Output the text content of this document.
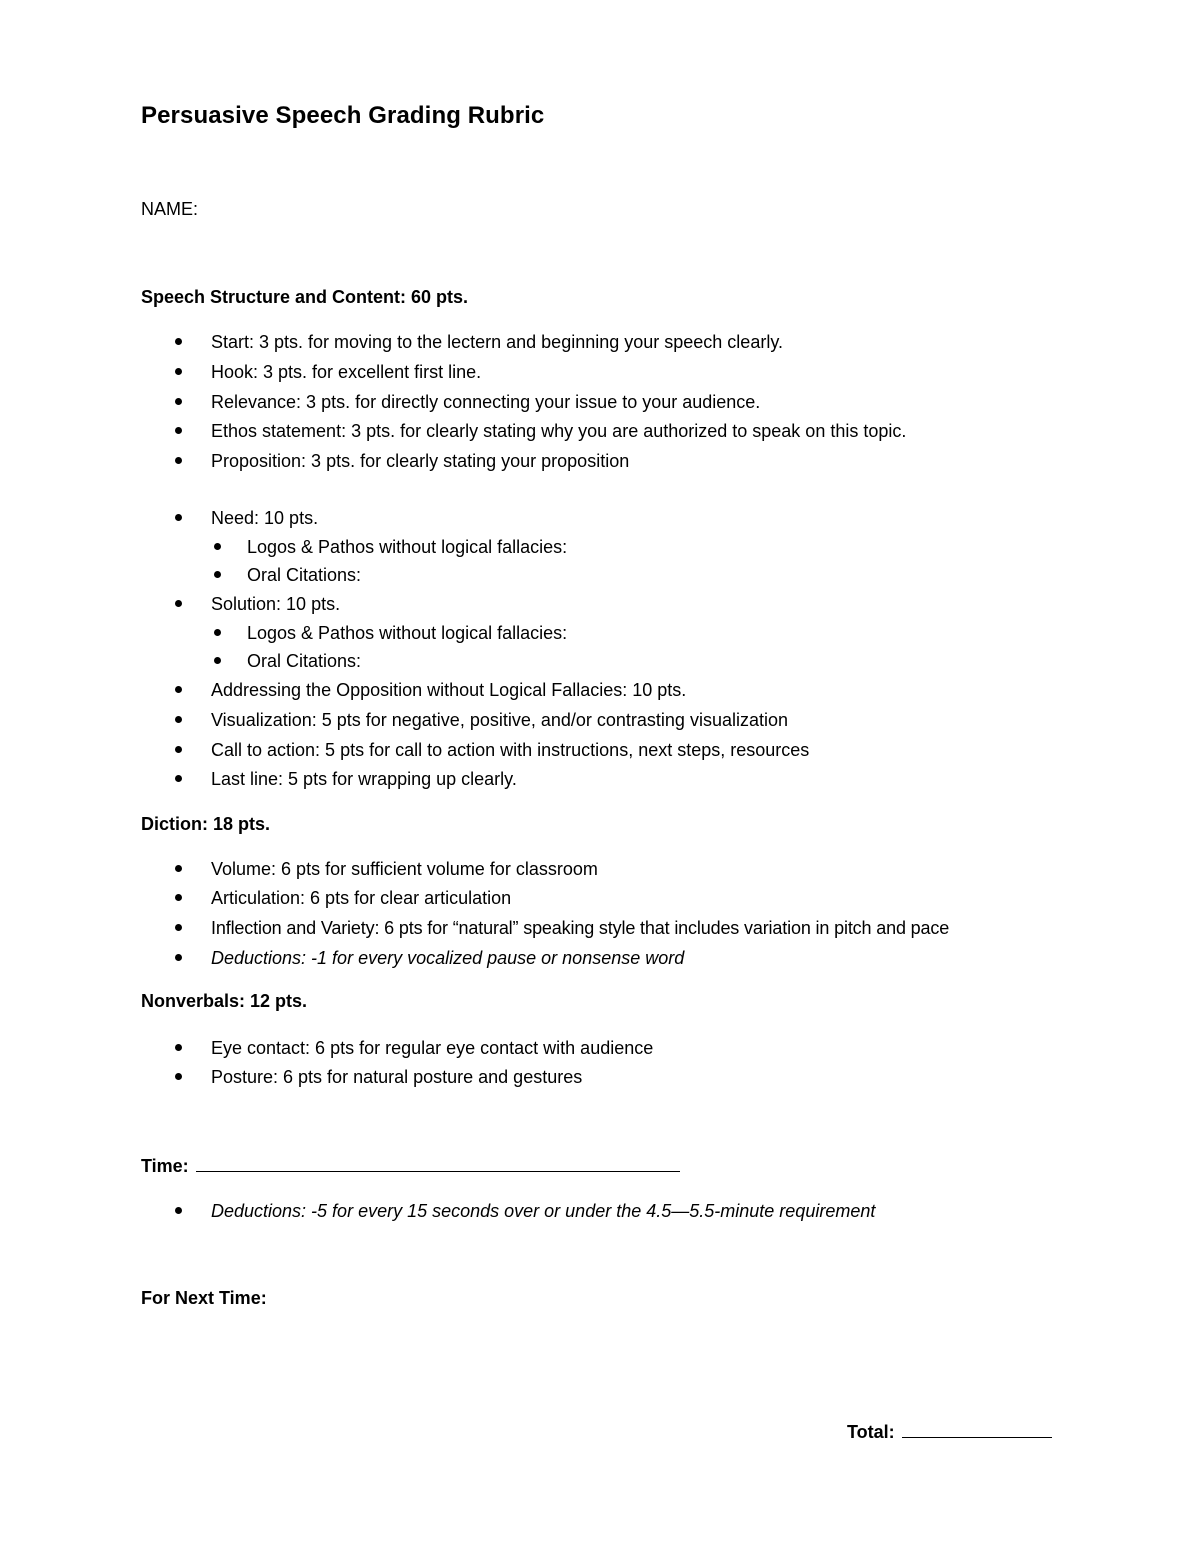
Persuasive Speech Grading Rubric
NAME:
Speech Structure and Content: 60 pts.
Start: 3 pts. for moving to the lectern and beginning your speech clearly.
Hook: 3 pts. for excellent first line.
Relevance: 3 pts. for directly connecting your issue to your audience.
Ethos statement: 3 pts. for clearly stating why you are authorized to speak on this topic.
Proposition: 3 pts. for clearly stating your proposition
Need: 10 pts.
Logos & Pathos without logical fallacies:
Oral Citations:
Solution: 10 pts.
Logos & Pathos without logical fallacies:
Oral Citations:
Addressing the Opposition without Logical Fallacies: 10 pts.
Visualization: 5 pts for negative, positive, and/or contrasting visualization
Call to action: 5 pts for call to action with instructions, next steps, resources
Last line: 5 pts for wrapping up clearly.
Diction: 18 pts.
Volume: 6 pts for sufficient volume for classroom
Articulation: 6 pts for clear articulation
Inflection and Variety: 6 pts for “natural” speaking style that includes variation in pitch and pace
Deductions: -1 for every vocalized pause or nonsense word
Nonverbals: 12 pts.
Eye contact: 6 pts for regular eye contact with audience
Posture: 6 pts for natural posture and gestures
Time:
Deductions: -5 for every 15 seconds over or under the 4.5—5.5-minute requirement
For Next Time:
Total:
